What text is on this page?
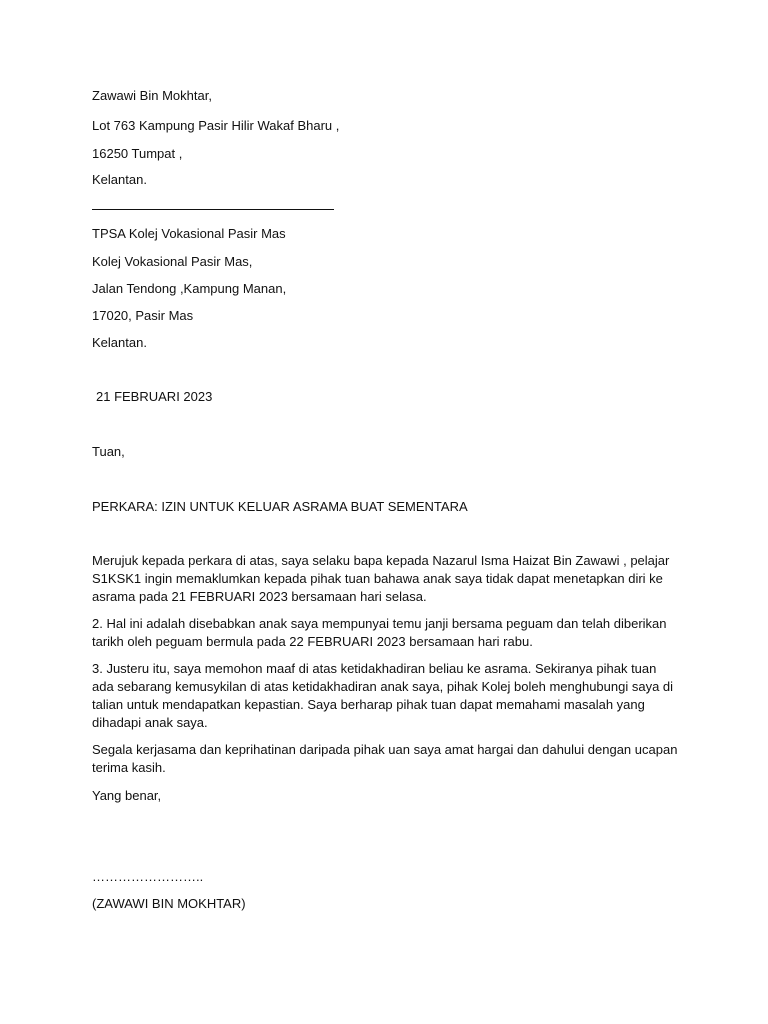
Zawawi Bin Mokhtar,
Lot 763 Kampung Pasir Hilir Wakaf Bharu ,
16250 Tumpat ,
Kelantan.
TPSA Kolej Vokasional Pasir Mas
Kolej Vokasional Pasir Mas,
Jalan Tendong ,Kampung Manan,
17020, Pasir Mas
Kelantan.
21 FEBRUARI 2023
Tuan,
PERKARA: IZIN UNTUK KELUAR ASRAMA BUAT SEMENTARA
Merujuk kepada perkara di atas, saya selaku bapa kepada Nazarul Isma Haizat Bin Zawawi , pelajar
S1KSK1 ingin memaklumkan kepada pihak tuan bahawa anak saya tidak dapat menetapkan diri ke
asrama pada 21 FEBRUARI 2023 bersamaan hari selasa.
2. Hal ini adalah disebabkan anak saya mempunyai temu janji bersama peguam dan telah diberikan
tarikh oleh peguam bermula pada 22 FEBRUARI 2023 bersamaan hari rabu.
3. Justeru itu, saya memohon maaf di atas ketidakhadiran beliau ke asrama. Sekiranya pihak tuan
ada sebarang kemusykilan di atas ketidakhadiran anak saya, pihak Kolej boleh menghubungi saya di
talian untuk mendapatkan kepastian. Saya berharap pihak tuan dapat memahami masalah yang
dihadapi anak saya.
Segala kerjasama dan keprihatinan daripada pihak uan saya amat hargai dan dahului dengan ucapan
terima kasih.
Yang benar,
……………………..
(ZAWAWI BIN MOKHTAR)
